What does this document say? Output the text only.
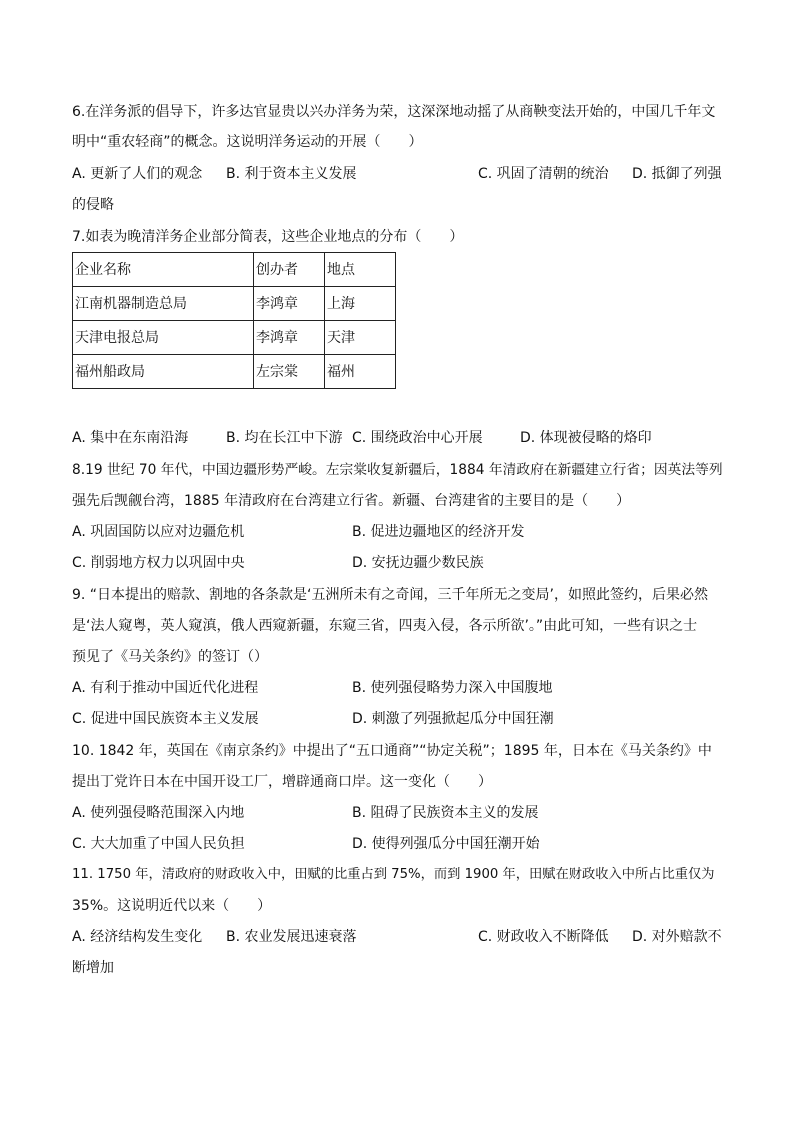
6.在洋务派的倡导下，许多达官显贵以兴办洋务为荣，这深深地动摇了从商鞅变法开始的，中国几千年文
明中“重农轻商”的概念。这说明洋务运动的开展（　　）
A. 更新了人们的观念 B. 利于资本主义发展	C. 巩固了清朝的统治 D. 抵御了列强
的侵略
7.如表为晚清洋务企业部分简表，这些企业地点的分布（　　）
企业名称	创办者	地点
江南机器制造总局	李鸿章	上海
天津电报总局	李鸿章	天津
福州船政局	左宗棠	福州
A. 集中在东南沿海	B. 均在长江中下游 C. 围绕政治中心开展	D. 体现被侵略的烙印
8.19 世纪 70 年代，中国边疆形势严峻。左宗棠收复新疆后，1884 年清政府在新疆建立行省；因英法等列
强先后觊觎台湾，1885 年清政府在台湾建立行省。新疆、台湾建省的主要目的是（　　）
A. 巩固国防以应对边疆危机	B. 促进边疆地区的经济开发
C. 削弱地方权力以巩固中央	D. 安抚边疆少数民族
9. “日本提出的赔款、割地的各条款是‘五洲所未有之奇闻，三千年所无之变局’，如照此签约，后果必然
是‘法人窥粤，英人窥滇，俄人西窥新疆，东窥三省，四夷入侵，各示所欲’。”由此可知，一些有识之士
预见了《马关条约》的签订（）
A. 有利于推动中国近代化进程	B. 使列强侵略势力深入中国腹地
C. 促进中国民族资本主义发展	D. 刺激了列强掀起瓜分中国狂潮
10. 1842 年，英国在《南京条约》中提出了“五口通商”“协定关税”；1895 年，日本在《马关条约》中
提出丁党许日本在中国开设工厂，增辟通商口岸。这一变化（　　）
A. 使列强侵略范围深入内地	B. 阻碍了民族资本主义的发展
C. 大大加重了中国人民负担	D. 使得列强瓜分中国狂潮开始
11. 1750 年，清政府的财政收入中，田赋的比重占到 75%，而到 1900 年，田赋在财政收入中所占比重仅为
35%。这说明近代以来（　　）
A. 经济结构发生变化 B. 农业发展迅速衰落	C. 财政收入不断降低 D. 对外赔款不
断增加
